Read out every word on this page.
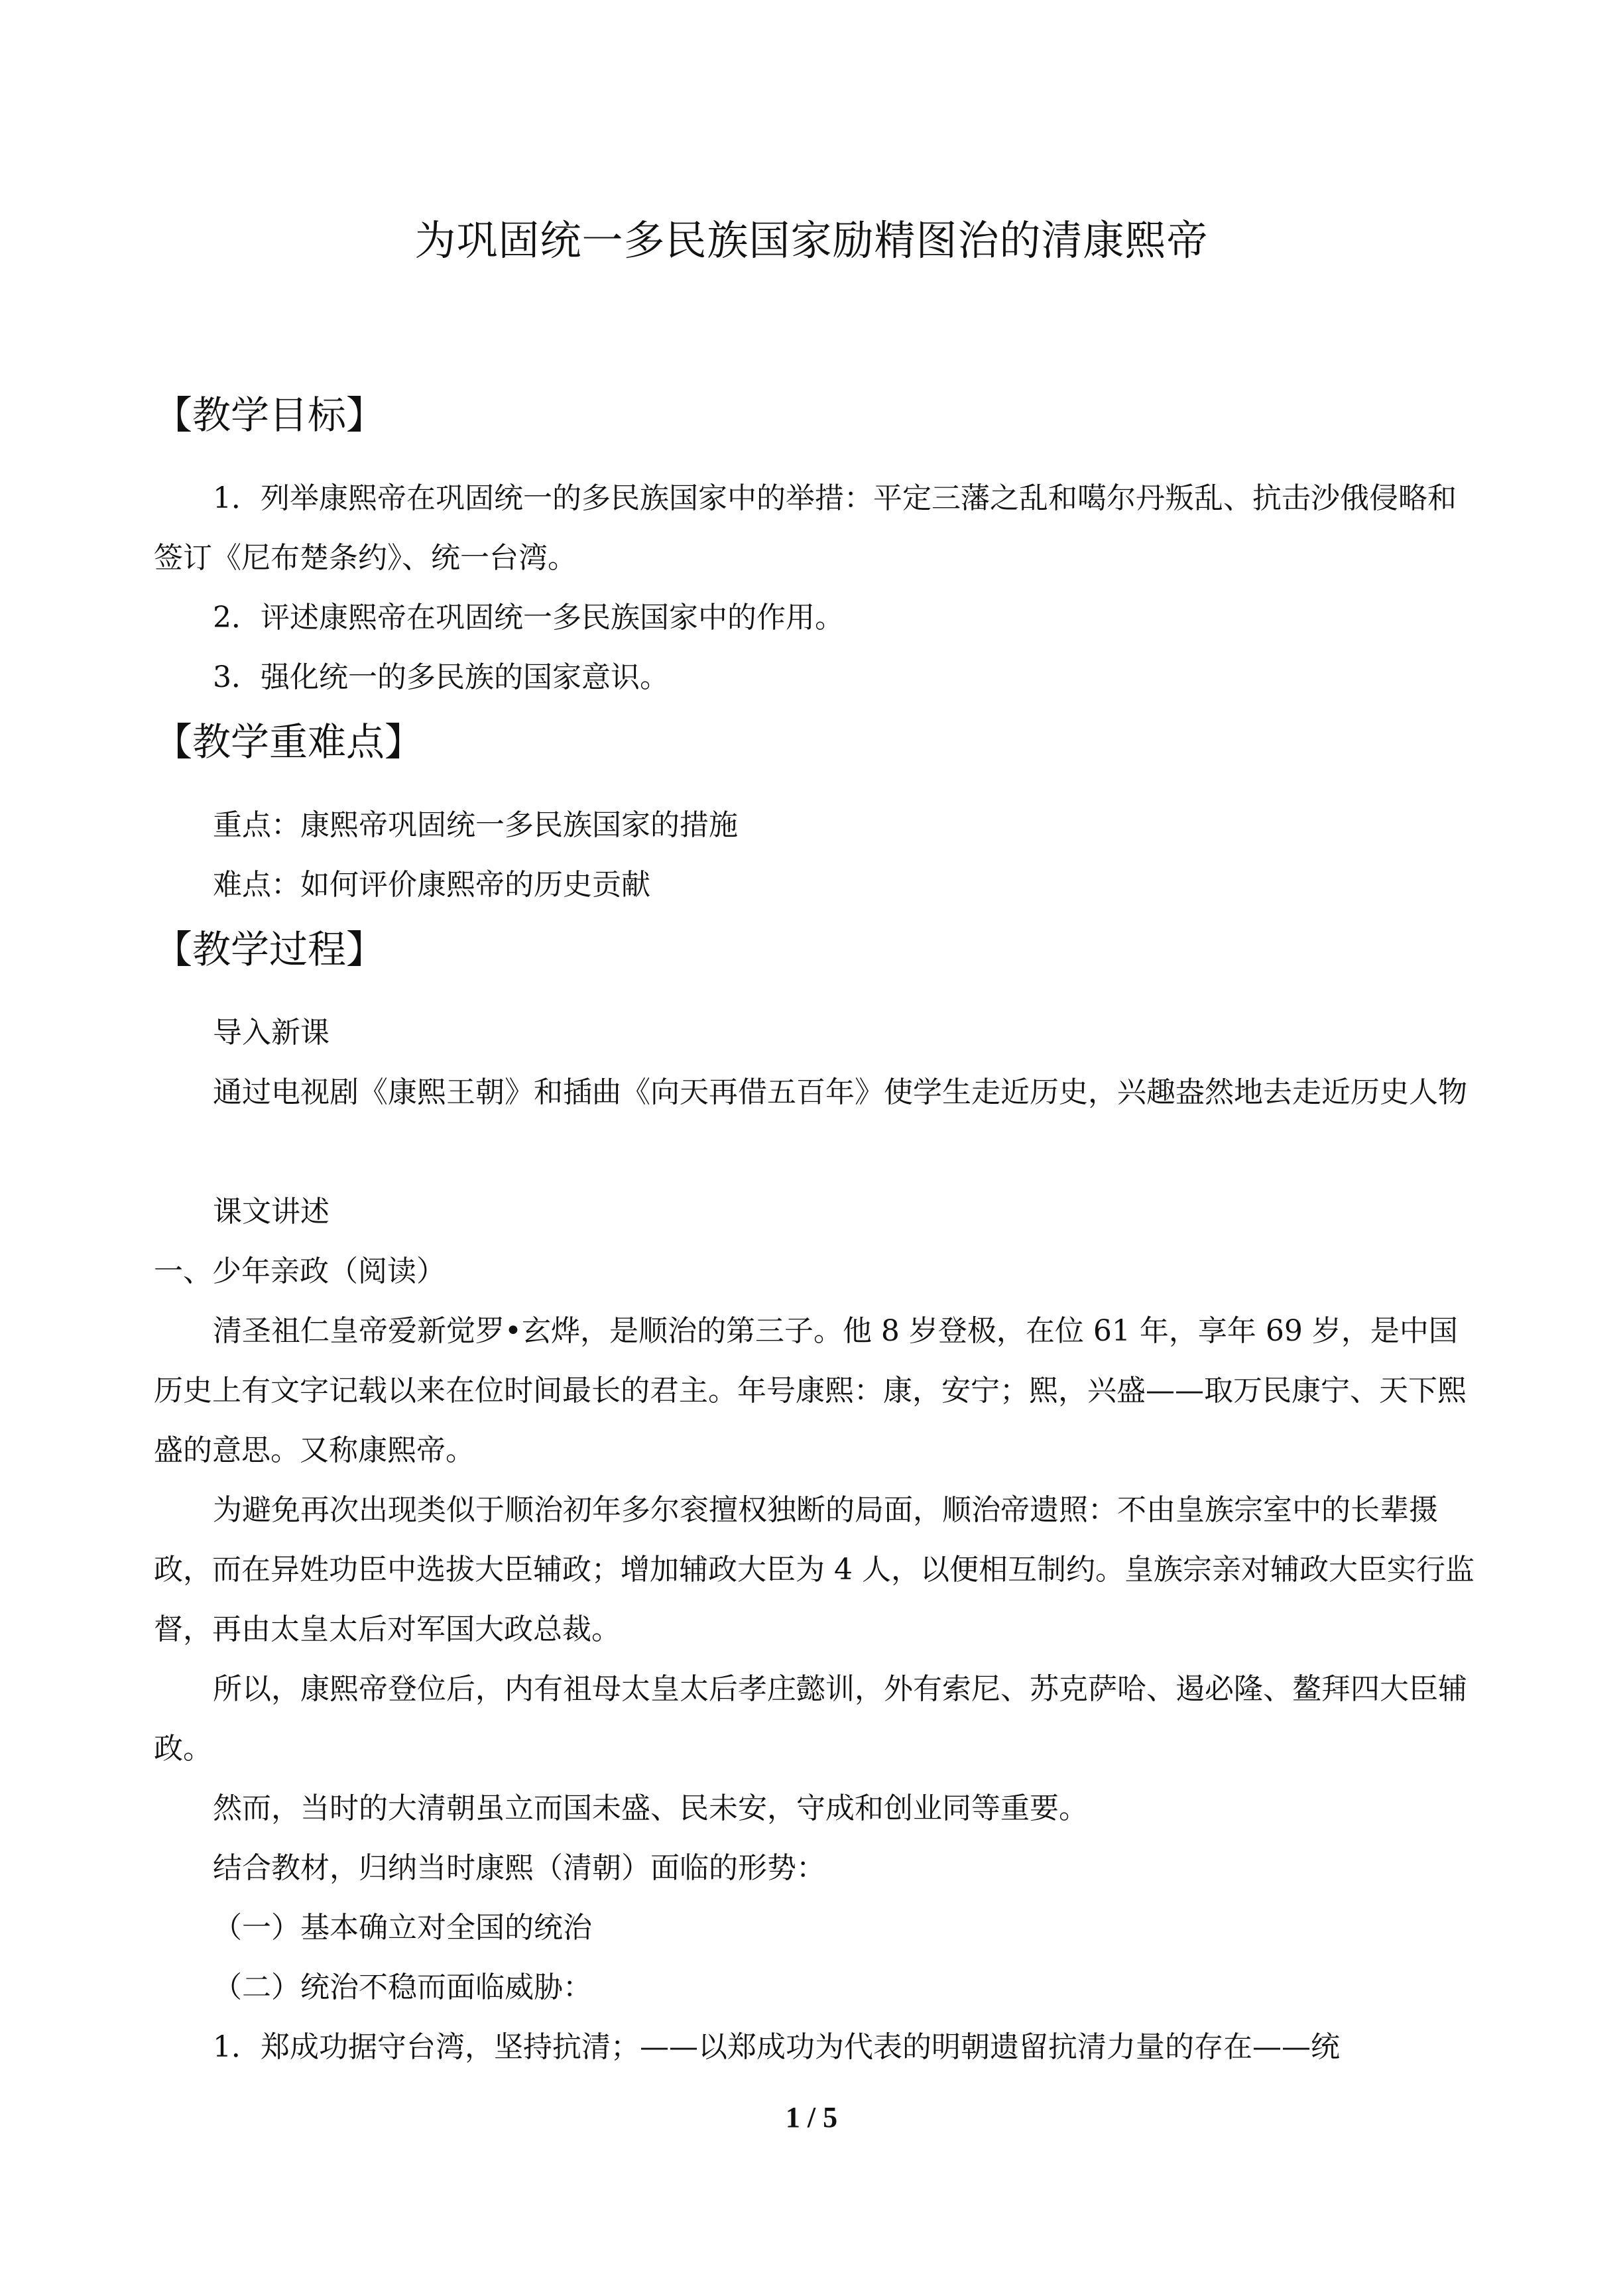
为巩固统一多民族国家励精图治的清康熙帝
【教学目标】
1．列举康熙帝在巩固统一的多民族国家中的举措：平定三藩之乱和噶尔丹叛乱、抗击沙俄侵略和签订《尼布楚条约》、统一台湾。
2．评述康熙帝在巩固统一多民族国家中的作用。
3．强化统一的多民族的国家意识。
【教学重难点】
重点：康熙帝巩固统一多民族国家的措施
难点：如何评价康熙帝的历史贡献
【教学过程】
导入新课
通过电视剧《康熙王朝》和插曲《向天再借五百年》使学生走近历史，兴趣盎然地去走近历史人物
课文讲述
一、少年亲政（阅读）
清圣祖仁皇帝爱新觉罗•玄烨，是顺治的第三子。他 8 岁登极，在位 61 年，享年 69 岁，是中国历史上有文字记载以来在位时间最长的君主。年号康熙：康，安宁；熙，兴盛——取万民康宁、天下熙盛的意思。又称康熙帝。
为避免再次出现类似于顺治初年多尔衮擅权独断的局面，顺治帝遗照：不由皇族宗室中的长辈摄政，而在异姓功臣中选拔大臣辅政；增加辅政大臣为 4 人，以便相互制约。皇族宗亲对辅政大臣实行监督，再由太皇太后对军国大政总裁。
所以，康熙帝登位后，内有祖母太皇太后孝庄懿训，外有索尼、苏克萨哈、遏必隆、鳌拜四大臣辅政。
然而，当时的大清朝虽立而国未盛、民未安，守成和创业同等重要。
结合教材，归纳当时康熙（清朝）面临的形势：
（一）基本确立对全国的统治
（二）统治不稳而面临威胁：
1．郑成功据守台湾，坚持抗清；——以郑成功为代表的明朝遗留抗清力量的存在——统
1 / 5
